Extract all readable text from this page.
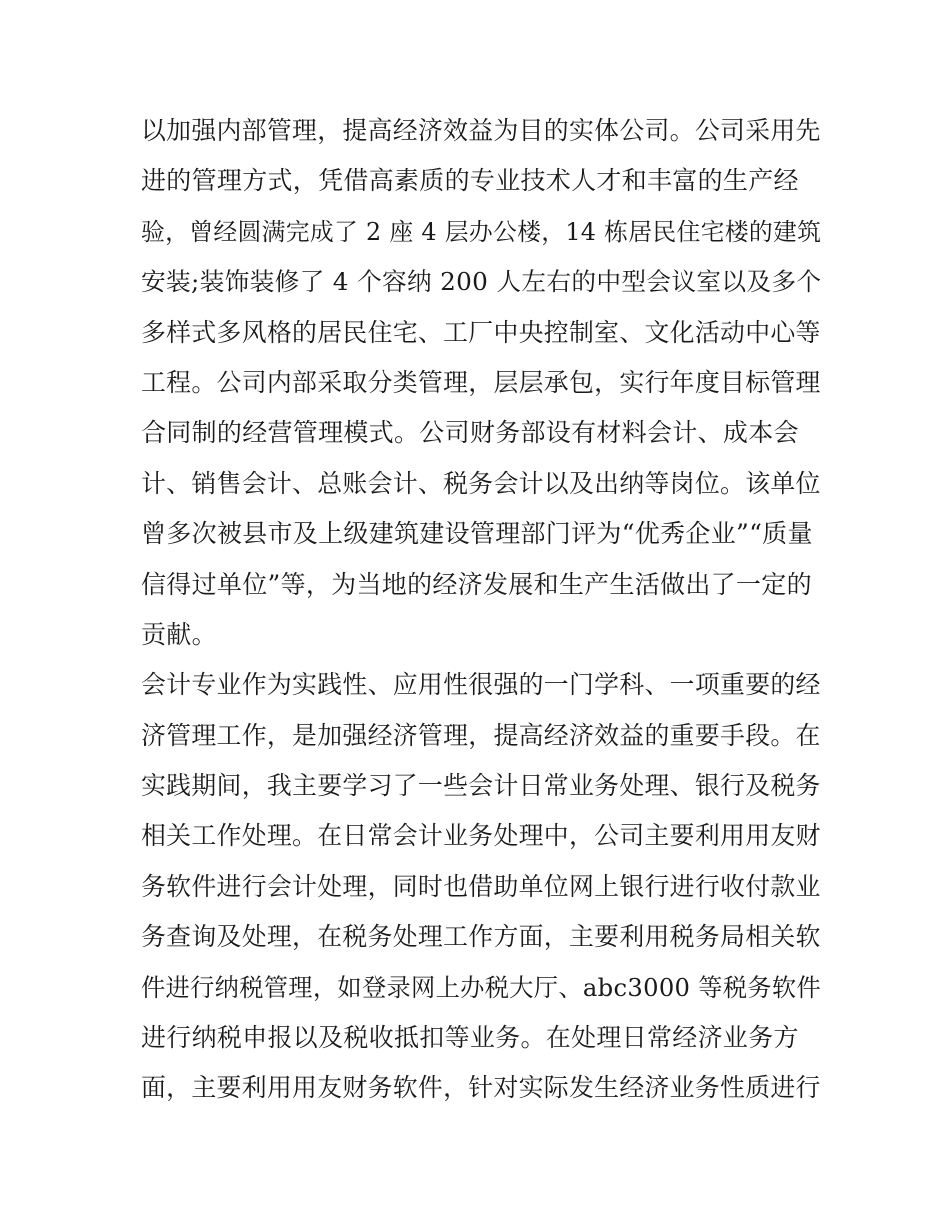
以加强内部管理，提高经济效益为目的实体公司。公司采用先
进的管理方式，凭借高素质的专业技术人才和丰富的生产经
验，曾经圆满完成了 2 座 4 层办公楼，14 栋居民住宅楼的建筑
安装;装饰装修了 4 个容纳 200 人左右的中型会议室以及多个
多样式多风格的居民住宅、工厂中央控制室、文化活动中心等
工程。公司内部采取分类管理，层层承包，实行年度目标管理
合同制的经营管理模式。公司财务部设有材料会计、成本会
计、销售会计、总账会计、税务会计以及出纳等岗位。该单位
曾多次被县市及上级建筑建设管理部门评为“优秀企业”“质量
信得过单位”等，为当地的经济发展和生产生活做出了一定的
贡献。
会计专业作为实践性、应用性很强的一门学科、一项重要的经
济管理工作，是加强经济管理，提高经济效益的重要手段。在
实践期间，我主要学习了一些会计日常业务处理、银行及税务
相关工作处理。在日常会计业务处理中，公司主要利用用友财
务软件进行会计处理，同时也借助单位网上银行进行收付款业
务查询及处理，在税务处理工作方面，主要利用税务局相关软
件进行纳税管理，如登录网上办税大厅、abc3000 等税务软件
进行纳税申报以及税收抵扣等业务。在处理日常经济业务方
面，主要利用用友财务软件，针对实际发生经济业务性质进行
